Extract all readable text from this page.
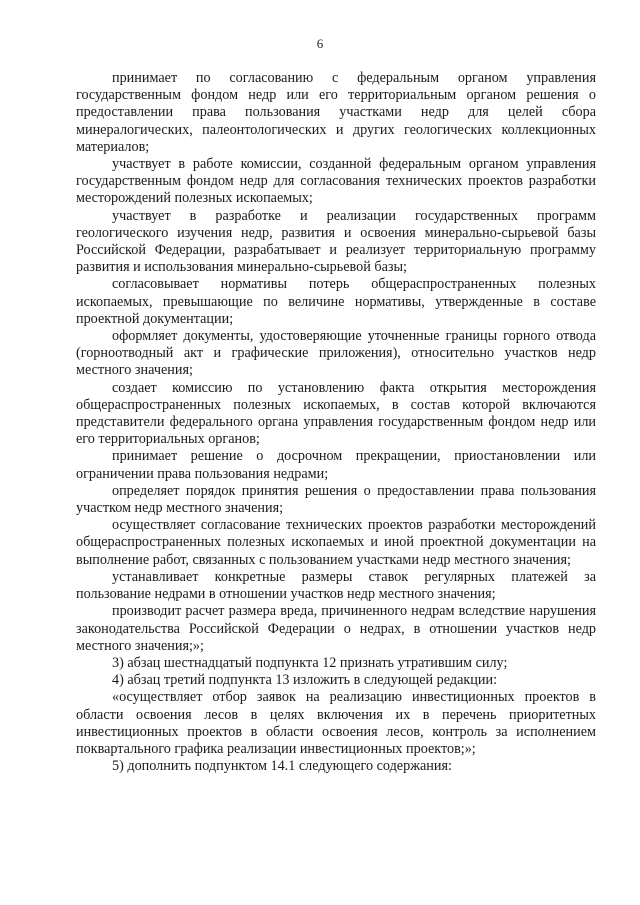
6

принимает по согласованию с федеральным органом управления государственным фондом недр или его территориальным органом решения о предоставлении права пользования участками недр для целей сбора минералогических, палеонтологических и других геологических коллекционных материалов;

участвует в работе комиссии, созданной федеральным органом управления государственным фондом недр для согласования технических проектов разработки месторождений полезных ископаемых;

участвует в разработке и реализации государственных программ геологического изучения недр, развития и освоения минерально-сырьевой базы Российской Федерации, разрабатывает и реализует территориальную программу развития и использования минерально-сырьевой базы;

согласовывает нормативы потерь общераспространенных полезных ископаемых, превышающие по величине нормативы, утвержденные в составе проектной документации;

оформляет документы, удостоверяющие уточненные границы горного отвода (горноотводный акт и графические приложения), относительно участков недр местного значения;

создает комиссию по установлению факта открытия месторождения общераспространенных полезных ископаемых, в состав которой включаются представители федерального органа управления государственным фондом недр или его территориальных органов;

принимает решение о досрочном прекращении, приостановлении или ограничении права пользования недрами;

определяет порядок принятия решения о предоставлении права пользования участком недр местного значения;

осуществляет согласование технических проектов разработки месторождений общераспространенных полезных ископаемых и иной проектной документации на выполнение работ, связанных с пользованием участками недр местного значения;

устанавливает конкретные размеры ставок регулярных платежей за пользование недрами в отношении участков недр местного значения;

производит расчет размера вреда, причиненного недрам вследствие нарушения законодательства Российской Федерации о недрах, в отношении участков недр местного значения;»;

3) абзац шестнадцатый подпункта 12 признать утратившим силу;

4) абзац третий подпункта 13 изложить в следующей редакции:

«осуществляет отбор заявок на реализацию инвестиционных проектов в области освоения лесов в целях включения их в перечень приоритетных инвестиционных проектов в области освоения лесов, контроль за исполнением поквартального графика реализации инвестиционных проектов;»;

5) дополнить подпунктом 14.1 следующего содержания:
